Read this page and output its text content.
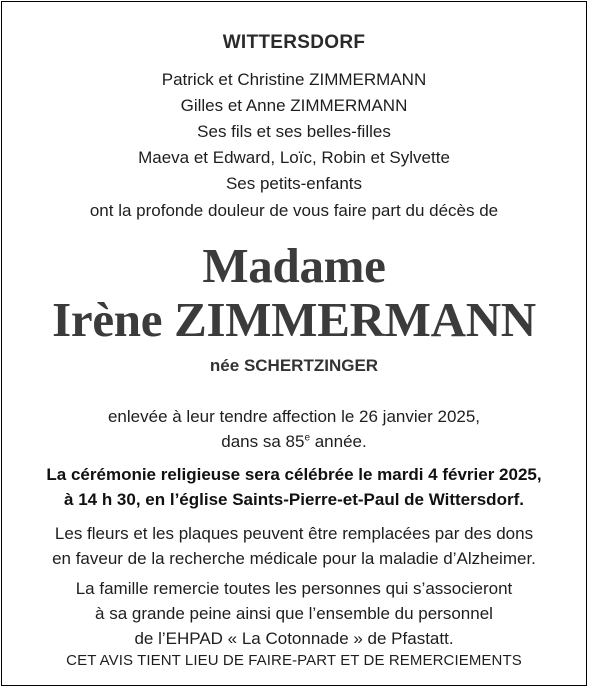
WITTERSDORF
Patrick et Christine ZIMMERMANN
Gilles et Anne ZIMMERMANN
Ses fils et ses belles-filles
Maeva et Edward, Loïc, Robin et Sylvette
Ses petits-enfants
ont la profonde douleur de vous faire part du décès de
Madame
Irène ZIMMERMANN
née SCHERTZINGER
enlevée à leur tendre affection le 26 janvier 2025,
dans sa 85e année.
La cérémonie religieuse sera célébrée le mardi 4 février 2025,
à 14 h 30, en l’église Saints-Pierre-et-Paul de Wittersdorf.
Les fleurs et les plaques peuvent être remplacées par des dons
en faveur de la recherche médicale pour la maladie d’Alzheimer.
La famille remercie toutes les personnes qui s’associeront
à sa grande peine ainsi que l’ensemble du personnel
de l’EHPAD « La Cotonnade » de Pfastatt.
CET AVIS TIENT LIEU DE FAIRE-PART ET DE REMERCIEMENTS
